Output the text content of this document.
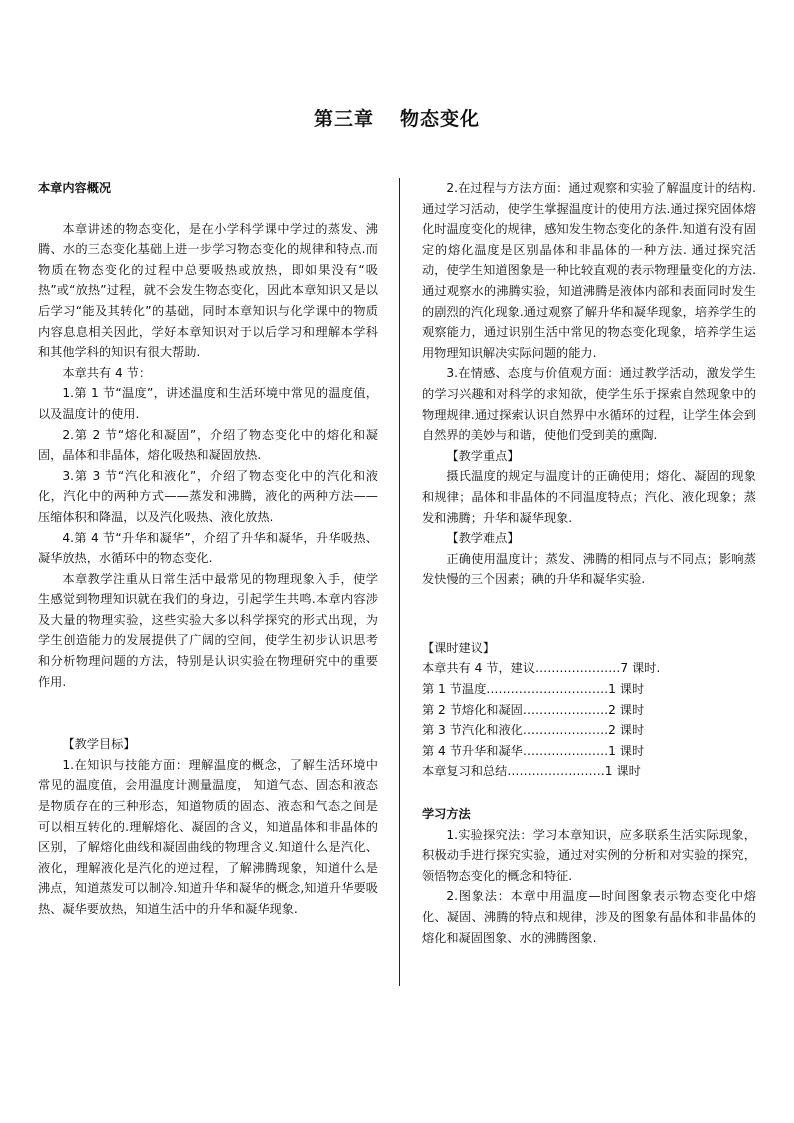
第三章 物态变化

本章内容概况

本章讲述的物态变化，是在小学科学课中学过的蒸发、沸腾、水的三态变化基础上进一步学习物态变化的规律和特点.而物质在物态变化的过程中总要吸热或放热，即如果没有“吸热”或“放热”过程，就不会发生物态变化，因此本章知识又是以后学习“能及其转化”的基础，同时本章知识与化学课中的物质内容息息相关因此，学好本章知识对于以后学习和理解本学科和其他学科的知识有很大帮助.

本章共有 4 节：

1.第 1 节“温度”，讲述温度和生活环境中常见的温度值，以及温度计的使用.

2.第 2 节“熔化和凝固”，介绍了物态变化中的熔化和凝固，晶体和非晶体，熔化吸热和凝固放热.

3.第 3 节“汽化和液化”，介绍了物态变化中的汽化和液化，汽化中的两种方式——蒸发和沸腾，液化的两种方法——压缩体积和降温，以及汽化吸热、液化放热.

4.第 4 节“升华和凝华”，介绍了升华和凝华，升华吸热、凝华放热，水循环中的物态变化.

本章教学注重从日常生活中最常见的物理现象入手，使学生感觉到物理知识就在我们的身边，引起学生共鸣.本章内容涉及大量的物理实验，这些实验大多以科学探究的形式出现，为学生创造能力的发展提供了广阔的空间，使学生初步认识思考和分析物理问题的方法，特别是认识实验在物理研究中的重要作用.

【教学目标】

1.在知识与技能方面：理解温度的概念，了解生活环境中常见的温度值，会用温度计测量温度， 知道气态、固态和液态是物质存在的三种形态，知道物质的固态、液态和气态之间是可以相互转化的.理解熔化、凝固的含义，知道晶体和非晶体的区别，了解熔化曲线和凝固曲线的物理含义.知道什么是汽化、液化，理解液化是汽化的逆过程，了解沸腾现象，知道什么是沸点，知道蒸发可以制冷.知道升华和凝华的概念,知道升华要吸热、凝华要放热，知道生活中的升华和凝华现象.

2.在过程与方法方面：通过观察和实验了解温度计的结构.通过学习活动，使学生掌握温度计的使用方法.通过探究固体熔化时温度变化的规律，感知发生物态变化的条件.知道有没有固定的熔化温度是区别晶体和非晶体的一种方法. 通过探究活动，使学生知道图象是一种比较直观的表示物理量变化的方法.通过观察水的沸腾实验，知道沸腾是液体内部和表面同时发生的剧烈的汽化现象.通过观察了解升华和凝华现象，培养学生的观察能力，通过识别生活中常见的物态变化现象，培养学生运用物理知识解决实际问题的能力.

3.在情感、态度与价值观方面：通过教学活动，激发学生的学习兴趣和对科学的求知欲，使学生乐于探索自然现象中的物理规律.通过探索认识自然界中水循环的过程，让学生体会到自然界的美妙与和谐，使他们受到美的熏陶.

【教学重点】

摄氏温度的规定与温度计的正确使用；熔化、凝固的现象和规律；晶体和非晶体的不同温度特点；汽化、液化现象；蒸发和沸腾；升华和凝华现象.

【教学难点】

正确使用温度计；蒸发、沸腾的相同点与不同点；影响蒸发快慢的三个因素；碘的升华和凝华实验.

【课时建议】

本章共有 4 节，建议…………………7 课时.

第 1 节温度…………………………1 课时

第 2 节熔化和凝固…………………2 课时

第 3 节汽化和液化…………………2 课时

第 4 节升华和凝华…………………1 课时

本章复习和总结……………………1 课时

学习方法

1.实验探究法：学习本章知识，应多联系生活实际现象，积极动手进行探究实验，通过对实例的分析和对实验的探究，领悟物态变化的概念和特征.

2.图象法：本章中用温度—时间图象表示物态变化中熔化、凝固、沸腾的特点和规律，涉及的图象有晶体和非晶体的熔化和凝固图象、水的沸腾图象.
